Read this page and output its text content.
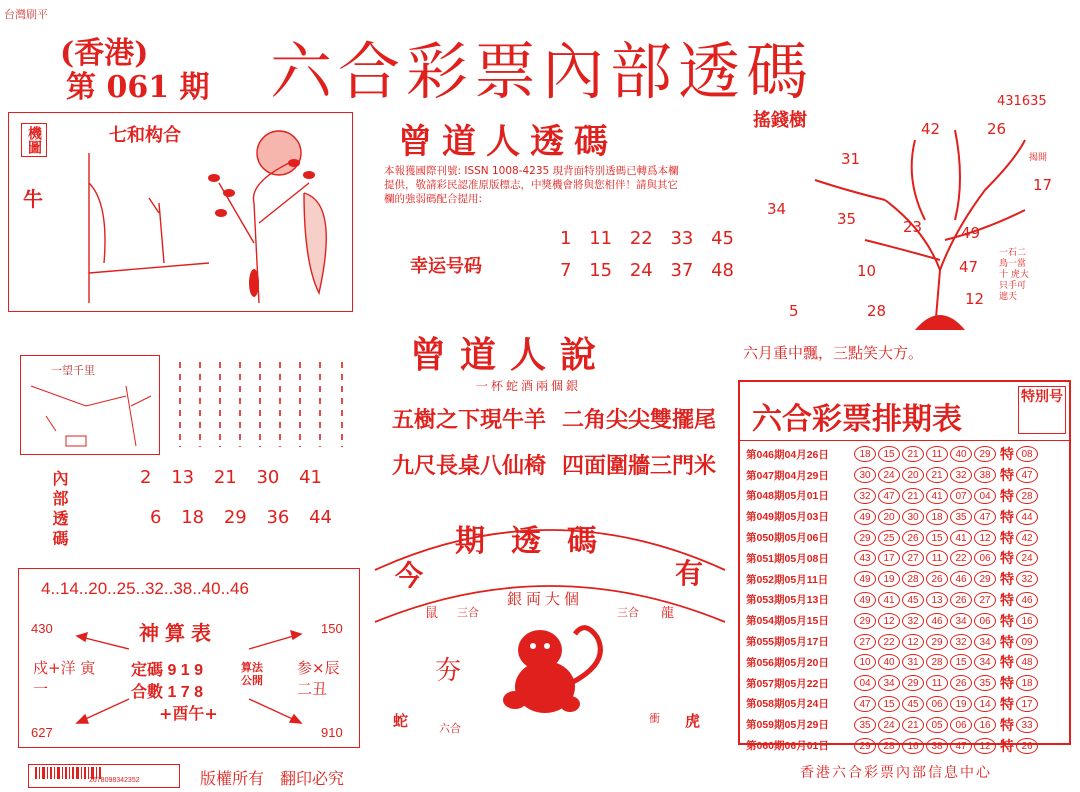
台灣刷平
(香港)
第 061 期 六合彩票內部透碼
七和构合
機圖
牛
一望千里
內部透碼	2 13 21 30 41
6 18 29 36 44
4..14..20..25..32..38..40..46
神算表
430	150
627	910
戍+洋 寅一
参×辰 二丑
定碼 9 1 9
合數 1 7 8
算法公開
+酉午+
曾道人透碼
本報獲國際刊號: ISSN 1008-4235 現背面特別透碼已轉爲本欄提供，敬請彩民認准原版標志，中獎機會將與您相伴！請與其它欄的強弱碼配合提用:
幸运号码
1 11 22 33 45
7 15 24 37 48
曾道人說
一杯蛇酒兩個銀
五樹之下現牛羊 二角尖尖雙擺尾
九尺長桌八仙椅 四面圍牆三門米
今
期透碼
有
銀両大個
鼠 三合	三合 龍
蛇	六合
衝 虎
夯
搖錢樹
431635
42	26
31
17
34
35	23	49
10	47
5	28
12
一石二鳥一當十 虎大只手可遮天
揭開
六月重中飄，三點笑大方。
六合彩票排期表
特別号
第046期04月26日	18	15	21	11	40	29 特 08
第047期04月29日	30	24	20	21	32	38 特 47
第048期05月01日	32	47	21	41	07	04 特 28
第049期05月03日	49	20	30	18	35	47 特 44
第050期05月06日	29	25	26	15	41	12 特 42
第051期05月08日	43	17	27	11	22	06 特 24
第052期05月11日	49	19	28	26	46	29 特 32
第053期05月13日	49	41	45	13	26	27 特 46
第054期05月15日	29	12	32	46	34	06 特 16
第055期05月17日	27	22	12	29	32	34 特 09
第056期05月20日	10	40	31	28	15	34 特 48
第057期05月22日	04	34	29	11	26	35 特 18
第058期05月24日	47	15	45	06	19	14 特 17
第059期05月29日	35	24	21	05	06	16 特 33
第060期06月01日	29	28	16	38	47	12 特 26
2678098342352	版權所有　翻印必究	香港六合彩票內部信息中心
